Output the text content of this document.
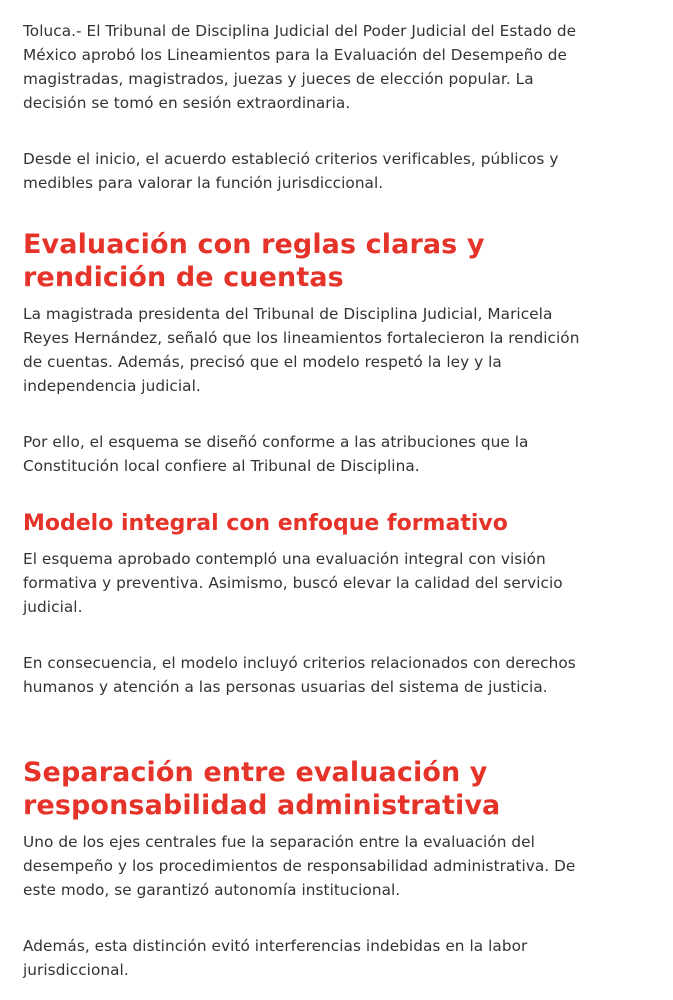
Toluca.- El Tribunal de Disciplina Judicial del Poder Judicial del Estado de México aprobó los Lineamientos para la Evaluación del Desempeño de magistradas, magistrados, juezas y jueces de elección popular. La decisión se tomó en sesión extraordinaria.

Desde el inicio, el acuerdo estableció criterios verificables, públicos y medibles para valorar la función jurisdiccional.

Evaluación con reglas claras y rendición de cuentas

La magistrada presidenta del Tribunal de Disciplina Judicial, Maricela Reyes Hernández, señaló que los lineamientos fortalecieron la rendición de cuentas. Además, precisó que el modelo respetó la ley y la independencia judicial.

Por ello, el esquema se diseñó conforme a las atribuciones que la Constitución local confiere al Tribunal de Disciplina.

Modelo integral con enfoque formativo

El esquema aprobado contempló una evaluación integral con visión formativa y preventiva. Asimismo, buscó elevar la calidad del servicio judicial.

En consecuencia, el modelo incluyó criterios relacionados con derechos humanos y atención a las personas usuarias del sistema de justicia.

Separación entre evaluación y responsabilidad administrativa

Uno de los ejes centrales fue la separación entre la evaluación del desempeño y los procedimientos de responsabilidad administrativa. De este modo, se garantizó autonomía institucional.

Además, esta distinción evitó interferencias indebidas en la labor jurisdiccional.
